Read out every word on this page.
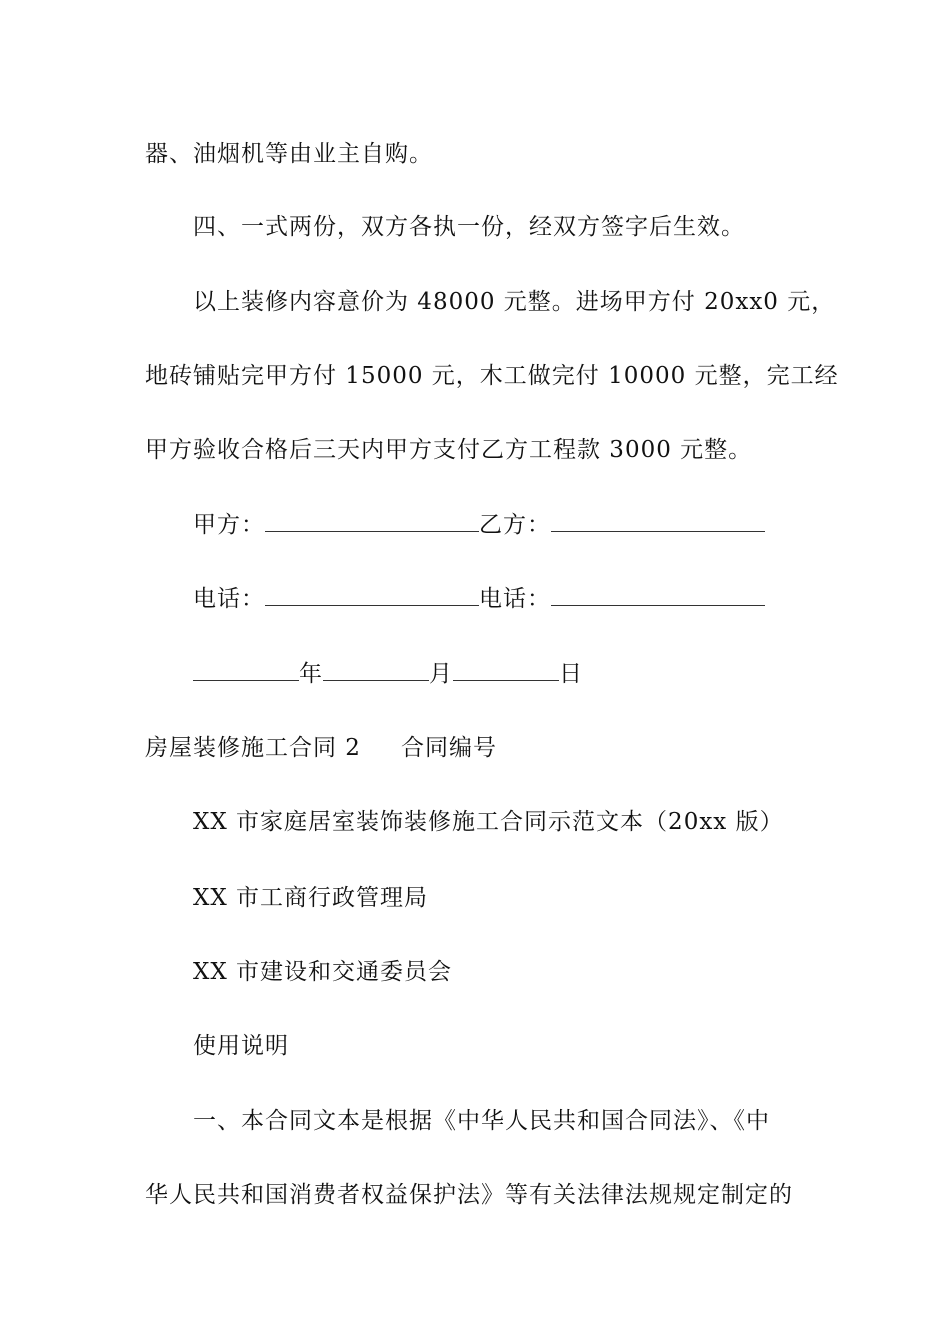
器、油烟机等由业主自购。
四、一式两份，双方各执一份，经双方签字后生效。
以上装修内容意价为 48000 元整。进场甲方付 20xx0 元，
地砖铺贴完甲方付 15000 元，木工做完付 10000 元整，完工经
甲方验收合格后三天内甲方支付乙方工程款 3000 元整。
甲方：	乙方：
电话：	电话：
年	月	日
房屋装修施工合同 2 合同编号
XX 市家庭居室装饰装修施工合同示范文本（20xx 版）
XX 市工商行政管理局
XX 市建设和交通委员会
使用说明
一、本合同文本是根据《中华人民共和国合同法》、《中
华人民共和国消费者权益保护法》等有关法律法规规定制定的
